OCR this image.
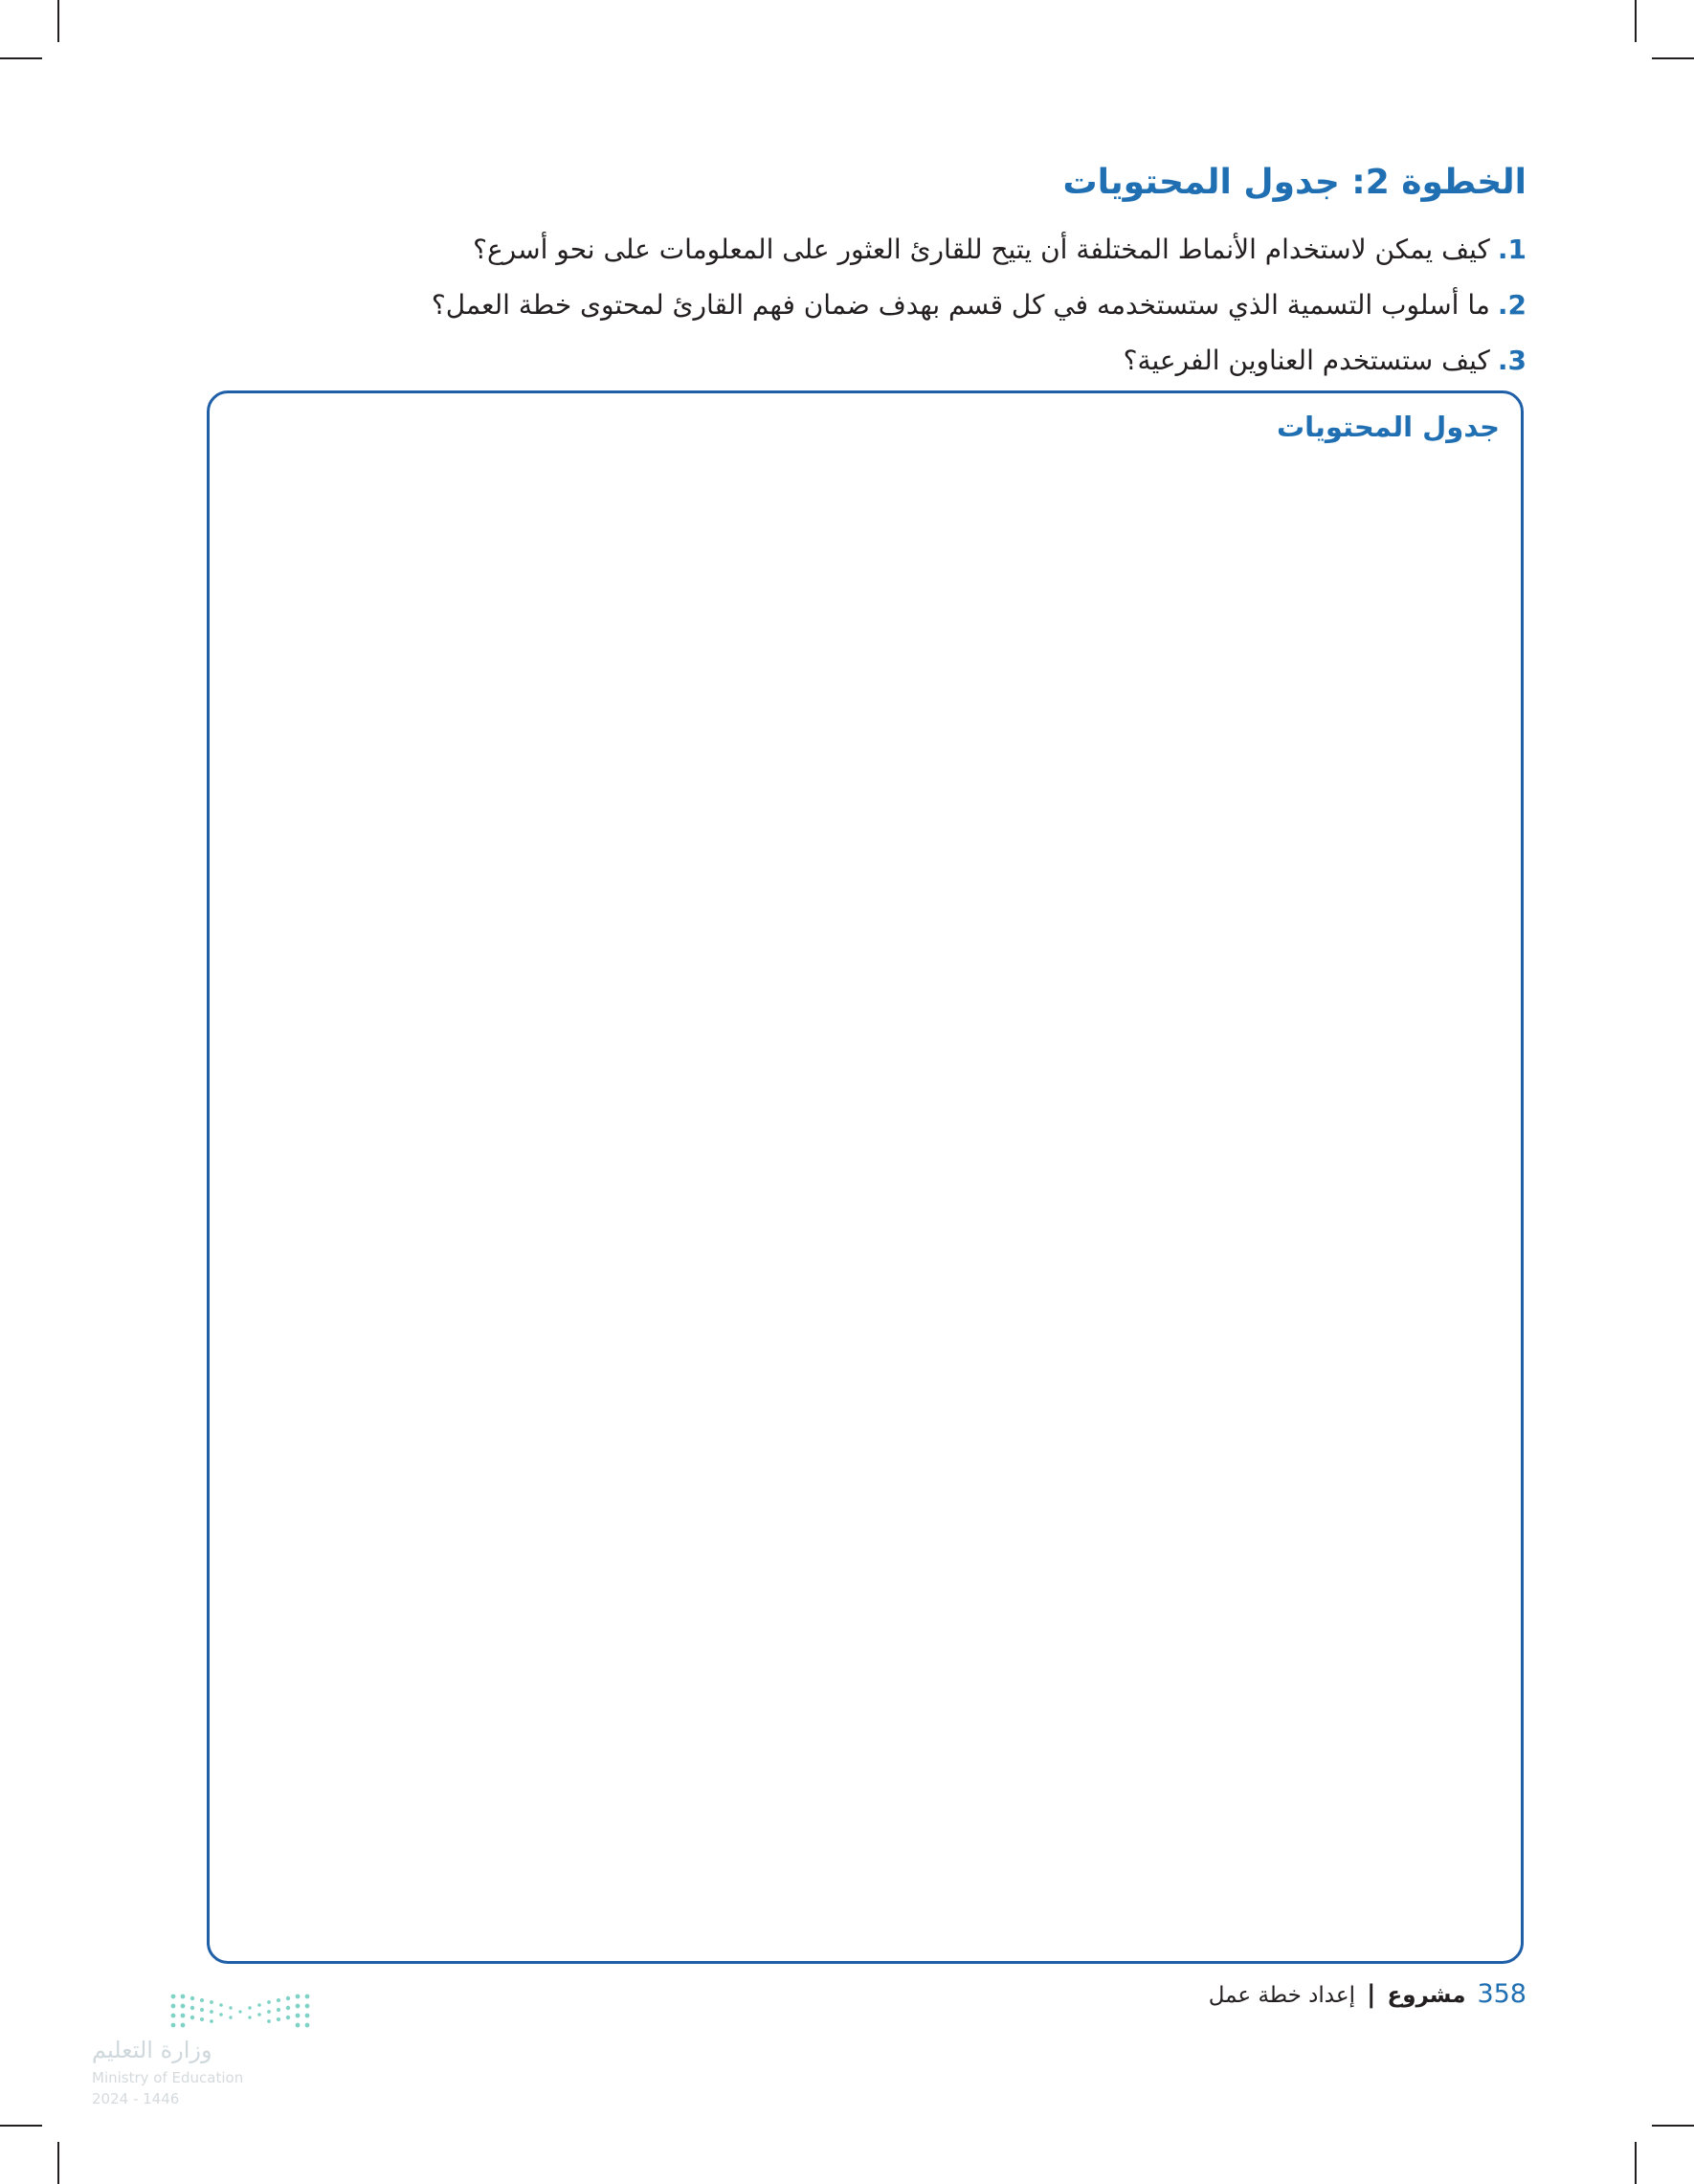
الخطوة 2: جدول المحتويات
1.كيف يمكن لاستخدام الأنماط المختلفة أن يتيح للقارئ العثور على المعلومات على نحو أسرع؟
2.ما أسلوب التسمية الذي ستستخدمه في كل قسم بهدف ضمان فهم القارئ لمحتوى خطة العمل؟
3.كيف ستستخدم العناوين الفرعية؟
جدول المحتويات
358
مشروع
|
إعداد خطة عمل
وزارة التعليم
Ministry of Education
2024 - 1446
